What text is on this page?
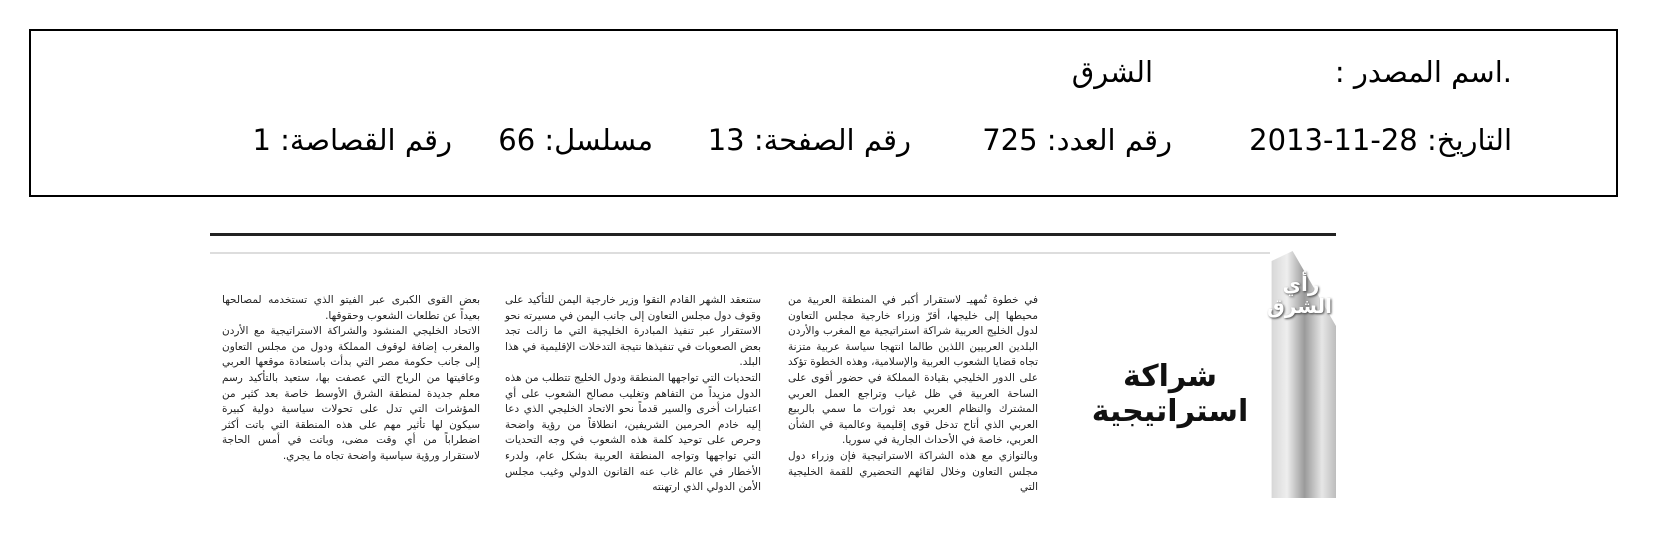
.اسم المصدر :
الشرق
التاريخ: 28-11-2013
رقم العدد: 725
رقم الصفحة: 13
مسلسل: 66
رقم القصاصة: 1
رأي
الشرق
شراكة استراتيجية

في خطوة تُمهيـ لاستقرار أكبر في المنطقة العربية من محيطها إلى خليجها، أقرّ وزراء خارجية مجلس التعاون لدول الخليج العربية شراكة استراتيجية مع المغرب والأردن البلدين العربيين اللذين طالما انتهجا سياسة عربية متزنة تجاه قضايا الشعوب العربية والإسلامية، وهذه الخطوة تؤكد على الدور الخليجي بقيادة المملكة في حضور أقوى على الساحة العربية في ظل غياب وتراجع العمل العربي المشترك والنظام العربي بعد ثورات ما سمي بالربيع العربي الذي أتاح تدخل قوى إقليمية وعالمية في الشأن العربي، خاصة في الأحداث الجارية في سوريا.

وبالتوازي مع هذه الشراكة الاستراتيجية فإن وزراء دول مجلس التعاون وخلال لقائهم التحضيري للقمة الخليجية التي

ستنعقد الشهر القادم التقوا وزير خارجية اليمن للتأكيد على وقوف دول مجلس التعاون إلى جانب اليمن في مسيرته نحو الاستقرار عبر تنفيذ المبادرة الخليجية التي ما زالت تجد بعض الصعوبات في تنفيذها نتيجة التدخلات الإقليمية في هذا البلد.

التحديات التي تواجهها المنطقة ودول الخليج تتطلب من هذه الدول مزيداً من التفاهم وتغليب مصالح الشعوب على أي اعتبارات أخرى والسير قدماً نحو الاتحاد الخليجي الذي دعا إليه خادم الحرمين الشريفين، انطلاقاً من رؤية واضحة وحرص على توحيد كلمة هذه الشعوب في وجه التحديات التي تواجهها وتواجه المنطقة العربية بشكل عام، ولدرء الأخطار في عالم غاب عنه القانون الدولي وغيب مجلس الأمن الدولي الذي ارتهنته

بعض القوى الكبرى عبر الفيتو الذي تستخدمه لمصالحها بعيداً عن تطلعات الشعوب وحقوقها.

الاتحاد الخليجي المنشود والشراكة الاستراتيجية مع الأردن والمغرب إضافة لوقوف المملكة ودول من مجلس التعاون إلى جانب حكومة مصر التي بدأت باستعادة موقعها العربي وعافيتها من الرياح التي عصفت بها، ستعيد بالتأكيد رسم معلم جديدة لمنطقة الشرق الأوسط خاصة بعد كثير من المؤشرات التي تدل على تحولات سياسية دولية كبيرة سيكون لها تأثير مهم على هذه المنطقة التي باتت أكثر اضطراباً من أي وقت مضى، وباتت في أمس الحاجة لاستقرار ورؤية سياسية واضحة تجاه ما يجري.
